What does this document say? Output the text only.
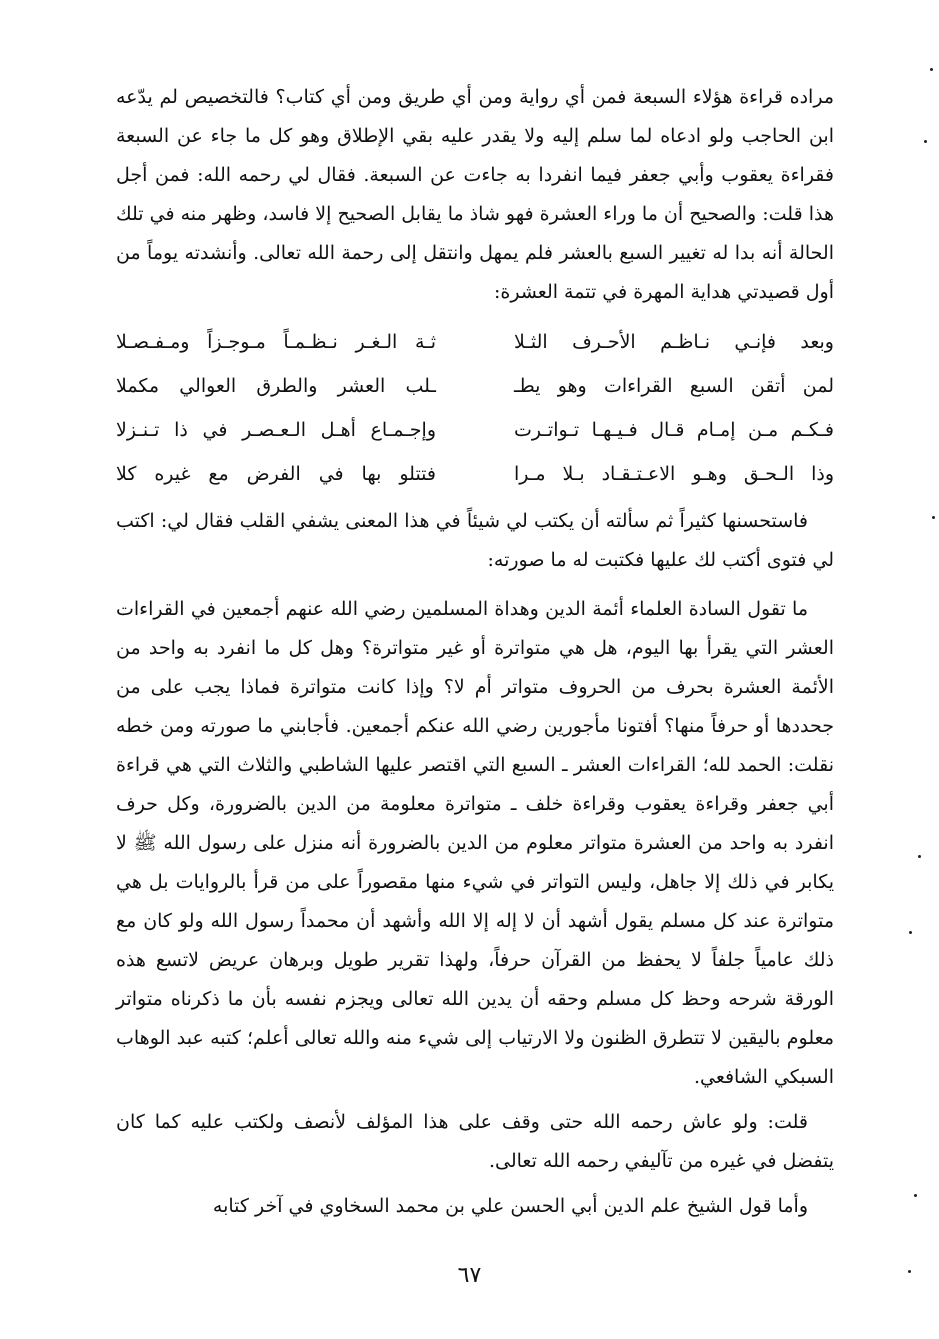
مراده قراءة هؤلاء السبعة فمن أي رواية ومن أي طريق ومن أي كتاب؟ فالتخصيص لم يدّعه ابن الحاجب ولو ادعاه لما سلم إليه ولا يقدر عليه بقي الإطلاق وهو كل ما جاء عن السبعة فقراءة يعقوب وأبي جعفر فيما انفردا به جاءت عن السبعة. فقال لي رحمه الله: فمن أجل هذا قلت: والصحيح أن ما وراء العشرة فهو شاذ ما يقابل الصحيح إلا فاسد، وظهر منه في تلك الحالة أنه بدا له تغيير السبع بالعشر فلم يمهل وانتقل إلى رحمة الله تعالى. وأنشدته يوماً من أول قصيدتي هداية المهرة في تتمة العشرة:

وبعد فإنـي نـاظـم الأحـرف الثـلا
ثـة الـغـر نـظـمـاً مـوجـزاً ومـفـصـلا
لمن أتقن السبع القراءات وهو يطـ
ـلب العشر والطرق العوالي مكملا
فـكـم مـن إمـام قـال فـيـهـا تـواتـرت
وإجـمـاع أهـل الـعـصـر في ذا تـنـزلا
وذا الـحـق وهـو الاعـتـقـاد بـلا مـرا
فتتلو بها في الفرض مع غيره كلا

فاستحسنها كثيراً ثم سألته أن يكتب لي شيئاً في هذا المعنى يشفي القلب فقال لي: اكتب لي فتوى أكتب لك عليها فكتبت له ما صورته:

ما تقول السادة العلماء أئمة الدين وهداة المسلمين رضي الله عنهم أجمعين في القراءات العشر التي يقرأ بها اليوم، هل هي متواترة أو غير متواترة؟ وهل كل ما انفرد به واحد من الأئمة العشرة بحرف من الحروف متواتر أم لا؟ وإذا كانت متواترة فماذا يجب على من جحددها أو حرفاً منها؟ أفتونا مأجورين رضي الله عنكم أجمعين. فأجابني ما صورته ومن خطه نقلت: الحمد لله؛ القراءات العشر ـ السبع التي اقتصر عليها الشاطبي والثلاث التي هي قراءة أبي جعفر وقراءة يعقوب وقراءة خلف ـ متواترة معلومة من الدين بالضرورة، وكل حرف انفرد به واحد من العشرة متواتر معلوم من الدين بالضرورة أنه منزل على رسول الله ﷺ لا يكابر في ذلك إلا جاهل، وليس التواتر في شيء منها مقصوراً على من قرأ بالروايات بل هي متواترة عند كل مسلم يقول أشهد أن لا إله إلا الله وأشهد أن محمداً رسول الله ولو كان مع ذلك عامياً جلفاً لا يحفظ من القرآن حرفاً، ولهذا تقرير طويل وبرهان عريض لاتسع هذه الورقة شرحه وحظ كل مسلم وحقه أن يدين الله تعالى ويجزم نفسه بأن ما ذكرناه متواتر معلوم باليقين لا تتطرق الظنون ولا الارتياب إلى شيء منه والله تعالى أعلم؛ كتبه عبد الوهاب السبكي الشافعي.

قلت: ولو عاش رحمه الله حتى وقف على هذا المؤلف لأنصف ولكتب عليه كما كان يتفضل في غيره من تآليفي رحمه الله تعالى.

وأما قول الشيخ علم الدين أبي الحسن علي بن محمد السخاوي في آخر كتابه

٦٧
